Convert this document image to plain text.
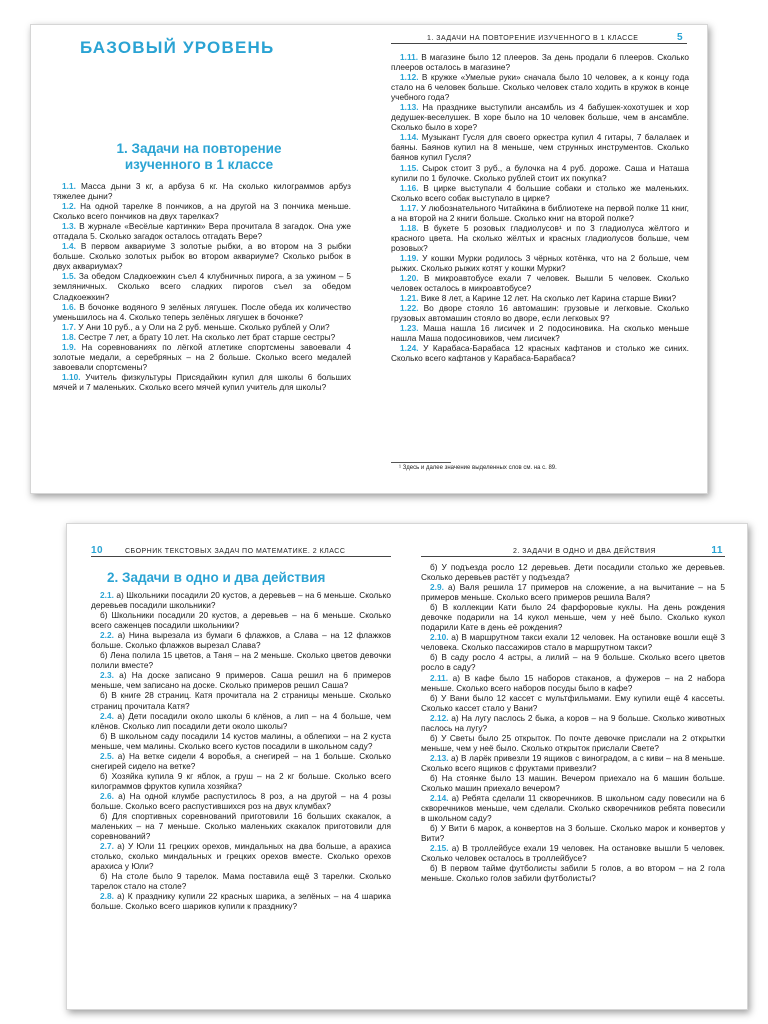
БАЗОВЫЙ УРОВЕНЬ
1. Задачи на повторение
изученного в 1 классе

1.1. Масса дыни 3 кг, а арбуза 6 кг. На сколько килограммов арбуз тяжелее дыни?

1.2. На одной тарелке 8 пончиков, а на другой на 3 пончика меньше. Сколько всего пончиков на двух тарелках?

1.3. В журнале «Весёлые картинки» Вера прочитала 8 загадок. Она уже отгадала 5. Сколько загадок осталось отгадать Вере?

1.4. В первом аквариуме 3 золотые рыбки, а во втором на 3 рыбки больше. Сколько золотых рыбок во втором аквариуме? Сколько рыбок в двух аквариумах?

1.5. За обедом Сладкоежкин съел 4 клубничных пирога, а за ужином – 5 земляничных. Сколько всего сладких пирогов съел за обедом Сладкоежкин?

1.6. В бочонке водяного 9 зелёных лягушек. После обеда их количество уменьшилось на 4. Сколько теперь зелёных лягушек в бочонке?

1.7. У Ани 10 руб., а у Оли на 2 руб. меньше. Сколько рублей у Оли?

1.8. Сестре 7 лет, а брату 10 лет. На сколько лет брат старше сестры?

1.9. На соревнованиях по лёгкой атлетике спортсмены завоевали 4 золотые медали, а серебряных – на 2 больше. Сколько всего медалей завоевали спортсмены?

1.10. Учитель физкультуры Присядайкин купил для школы 6 больших мячей и 7 маленьких. Сколько всего мячей купил учитель для школы?

1. ЗАДАЧИ НА ПОВТОРЕНИЕ ИЗУЧЕННОГО В 1 КЛАССЕ	5

1.11. В магазине было 12 плееров. За день продали 6 плееров. Сколько плееров осталось в магазине?

1.12. В кружке «Умелые руки» сначала было 10 человек, а к концу года стало на 6 человек больше. Сколько человек стало ходить в кружок в конце учебного года?

1.13. На празднике выступили ансамбль из 4 бабушек-хохотушек и хор дедушек-веселушек. В хоре было на 10 человек больше, чем в ансамбле. Сколько было в хоре?

1.14. Музыкант Гусля для своего оркестра купил 4 гитары, 7 балалаек и баяны. Баянов купил на 8 меньше, чем струнных инструментов. Сколько баянов купил Гусля?

1.15. Сырок стоит 3 руб., а булочка на 4 руб. дороже. Саша и Наташа купили по 1 булочке. Сколько рублей стоит их покупка?

1.16. В цирке выступали 4 большие собаки и столько же маленьких. Сколько всего собак выступало в цирке?

1.17. У любознательного Читайкина в библиотеке на первой полке 11 книг, а на второй на 2 книги больше. Сколько книг на второй полке?

1.18. В букете 5 розовых гладиолусов¹ и по 3 гладиолуса жёлтого и красного цвета. На сколько жёлтых и красных гладиолусов больше, чем розовых?

1.19. У кошки Мурки родилось 3 чёрных котёнка, что на 2 больше, чем рыжих. Сколько рыжих котят у кошки Мурки?

1.20. В микроавтобусе ехали 7 человек. Вышли 5 человек. Сколько человек осталось в микроавтобусе?

1.21. Вике 8 лет, а Карине 12 лет. На сколько лет Карина старше Вики?

1.22. Во дворе стояло 16 автомашин: грузовые и легковые. Сколько грузовых автомашин стояло во дворе, если легковых 9?

1.23. Маша нашла 16 лисичек и 2 подосиновика. На сколько меньше нашла Маша подосиновиков, чем лисичек?

1.24. У Карабаса-Барабаса 12 красных кафтанов и столько же синих. Сколько всего кафтанов у Карабаса-Барабаса?

¹ Здесь и далее значение выделенных слов см. на с. 89.
10	СБОРНИК ТЕКСТОВЫХ ЗАДАЧ ПО МАТЕМАТИКЕ. 2 КЛАСС
2. Задачи в одно и два действия

2.1. а) Школьники посадили 20 кустов, а деревьев – на 6 меньше. Сколько деревьев посадили школьники?

б) Школьники посадили 20 кустов, а деревьев – на 6 меньше. Сколько всего саженцев посадили школьники?

2.2. а) Нина вырезала из бумаги 6 флажков, а Слава – на 12 флажков больше. Сколько флажков вырезал Слава?

б) Лена полила 15 цветов, а Таня – на 2 меньше. Сколько цветов девочки полили вместе?

2.3. а) На доске записано 9 примеров. Саша решил на 6 примеров меньше, чем записано на доске. Сколько примеров решил Саша?

б) В книге 28 страниц. Катя прочитала на 2 страницы меньше. Сколько страниц прочитала Катя?

2.4. а) Дети посадили около школы 6 клёнов, а лип – на 4 больше, чем клёнов. Сколько лип посадили дети около школы?

б) В школьном саду посадили 14 кустов малины, а облепихи – на 2 куста меньше, чем малины. Сколько всего кустов посадили в школьном саду?

2.5. а) На ветке сидели 4 воробья, а снегирей – на 1 больше. Сколько снегирей сидело на ветке?

б) Хозяйка купила 9 кг яблок, а груш – на 2 кг больше. Сколько всего килограммов фруктов купила хозяйка?

2.6. а) На одной клумбе распустилось 8 роз, а на другой – на 4 розы больше. Сколько всего распустившихся роз на двух клумбах?

б) Для спортивных соревнований приготовили 16 больших скакалок, а маленьких – на 7 меньше. Сколько маленьких скакалок приготовили для соревнований?

2.7. а) У Юли 11 грецких орехов, миндальных на два больше, а арахиса столько, сколько миндальных и грецких орехов вместе. Сколько орехов арахиса у Юли?

б) На столе было 9 тарелок. Мама поставила ещё 3 тарелки. Сколько тарелок стало на столе?

2.8. а) К празднику купили 22 красных шарика, а зелёных – на 4 шарика больше. Сколько всего шариков купили к празднику?

2. ЗАДАЧИ В ОДНО И ДВА ДЕЙСТВИЯ	11

б) У подъезда росло 12 деревьев. Дети посадили столько же деревьев. Сколько деревьев растёт у подъезда?

2.9. а) Валя решила 17 примеров на сложение, а на вычитание – на 5 примеров меньше. Сколько всего примеров решила Валя?

б) В коллекции Кати было 24 фарфоровые куклы. На день рождения девочке подарили на 14 кукол меньше, чем у неё было. Сколько кукол подарили Кате в день её рождения?

2.10. а) В маршрутном такси ехали 12 человек. На остановке вошли ещё 3 человека. Сколько пассажиров стало в маршрутном такси?

б) В саду росло 4 астры, а лилий – на 9 больше. Сколько всего цветов росло в саду?

2.11. а) В кафе было 15 наборов стаканов, а фужеров – на 2 набора меньше. Сколько всего наборов посуды было в кафе?

б) У Вани было 12 кассет с мультфильмами. Ему купили ещё 4 кассеты. Сколько кассет стало у Вани?

2.12. а) На лугу паслось 2 быка, а коров – на 9 больше. Сколько животных паслось на лугу?

б) У Светы было 25 открыток. По почте девочке прислали на 2 открытки меньше, чем у неё было. Сколько открыток прислали Свете?

2.13. а) В ларёк привезли 19 ящиков с виноградом, а с киви – на 8 меньше. Сколько всего ящиков с фруктами привезли?

б) На стоянке было 13 машин. Вечером приехало на 6 машин больше. Сколько машин приехало вечером?

2.14. а) Ребята сделали 11 скворечников. В школьном саду повесили на 6 скворечников меньше, чем сделали. Сколько скворечников ребята повесили в школьном саду?

б) У Вити 6 марок, а конвертов на 3 больше. Сколько марок и конвертов у Вити?

2.15. а) В троллейбусе ехали 19 человек. На остановке вышли 5 человек. Сколько человек осталось в троллейбусе?

б) В первом тайме футболисты забили 5 голов, а во втором – на 2 гола меньше. Сколько голов забили футболисты?
